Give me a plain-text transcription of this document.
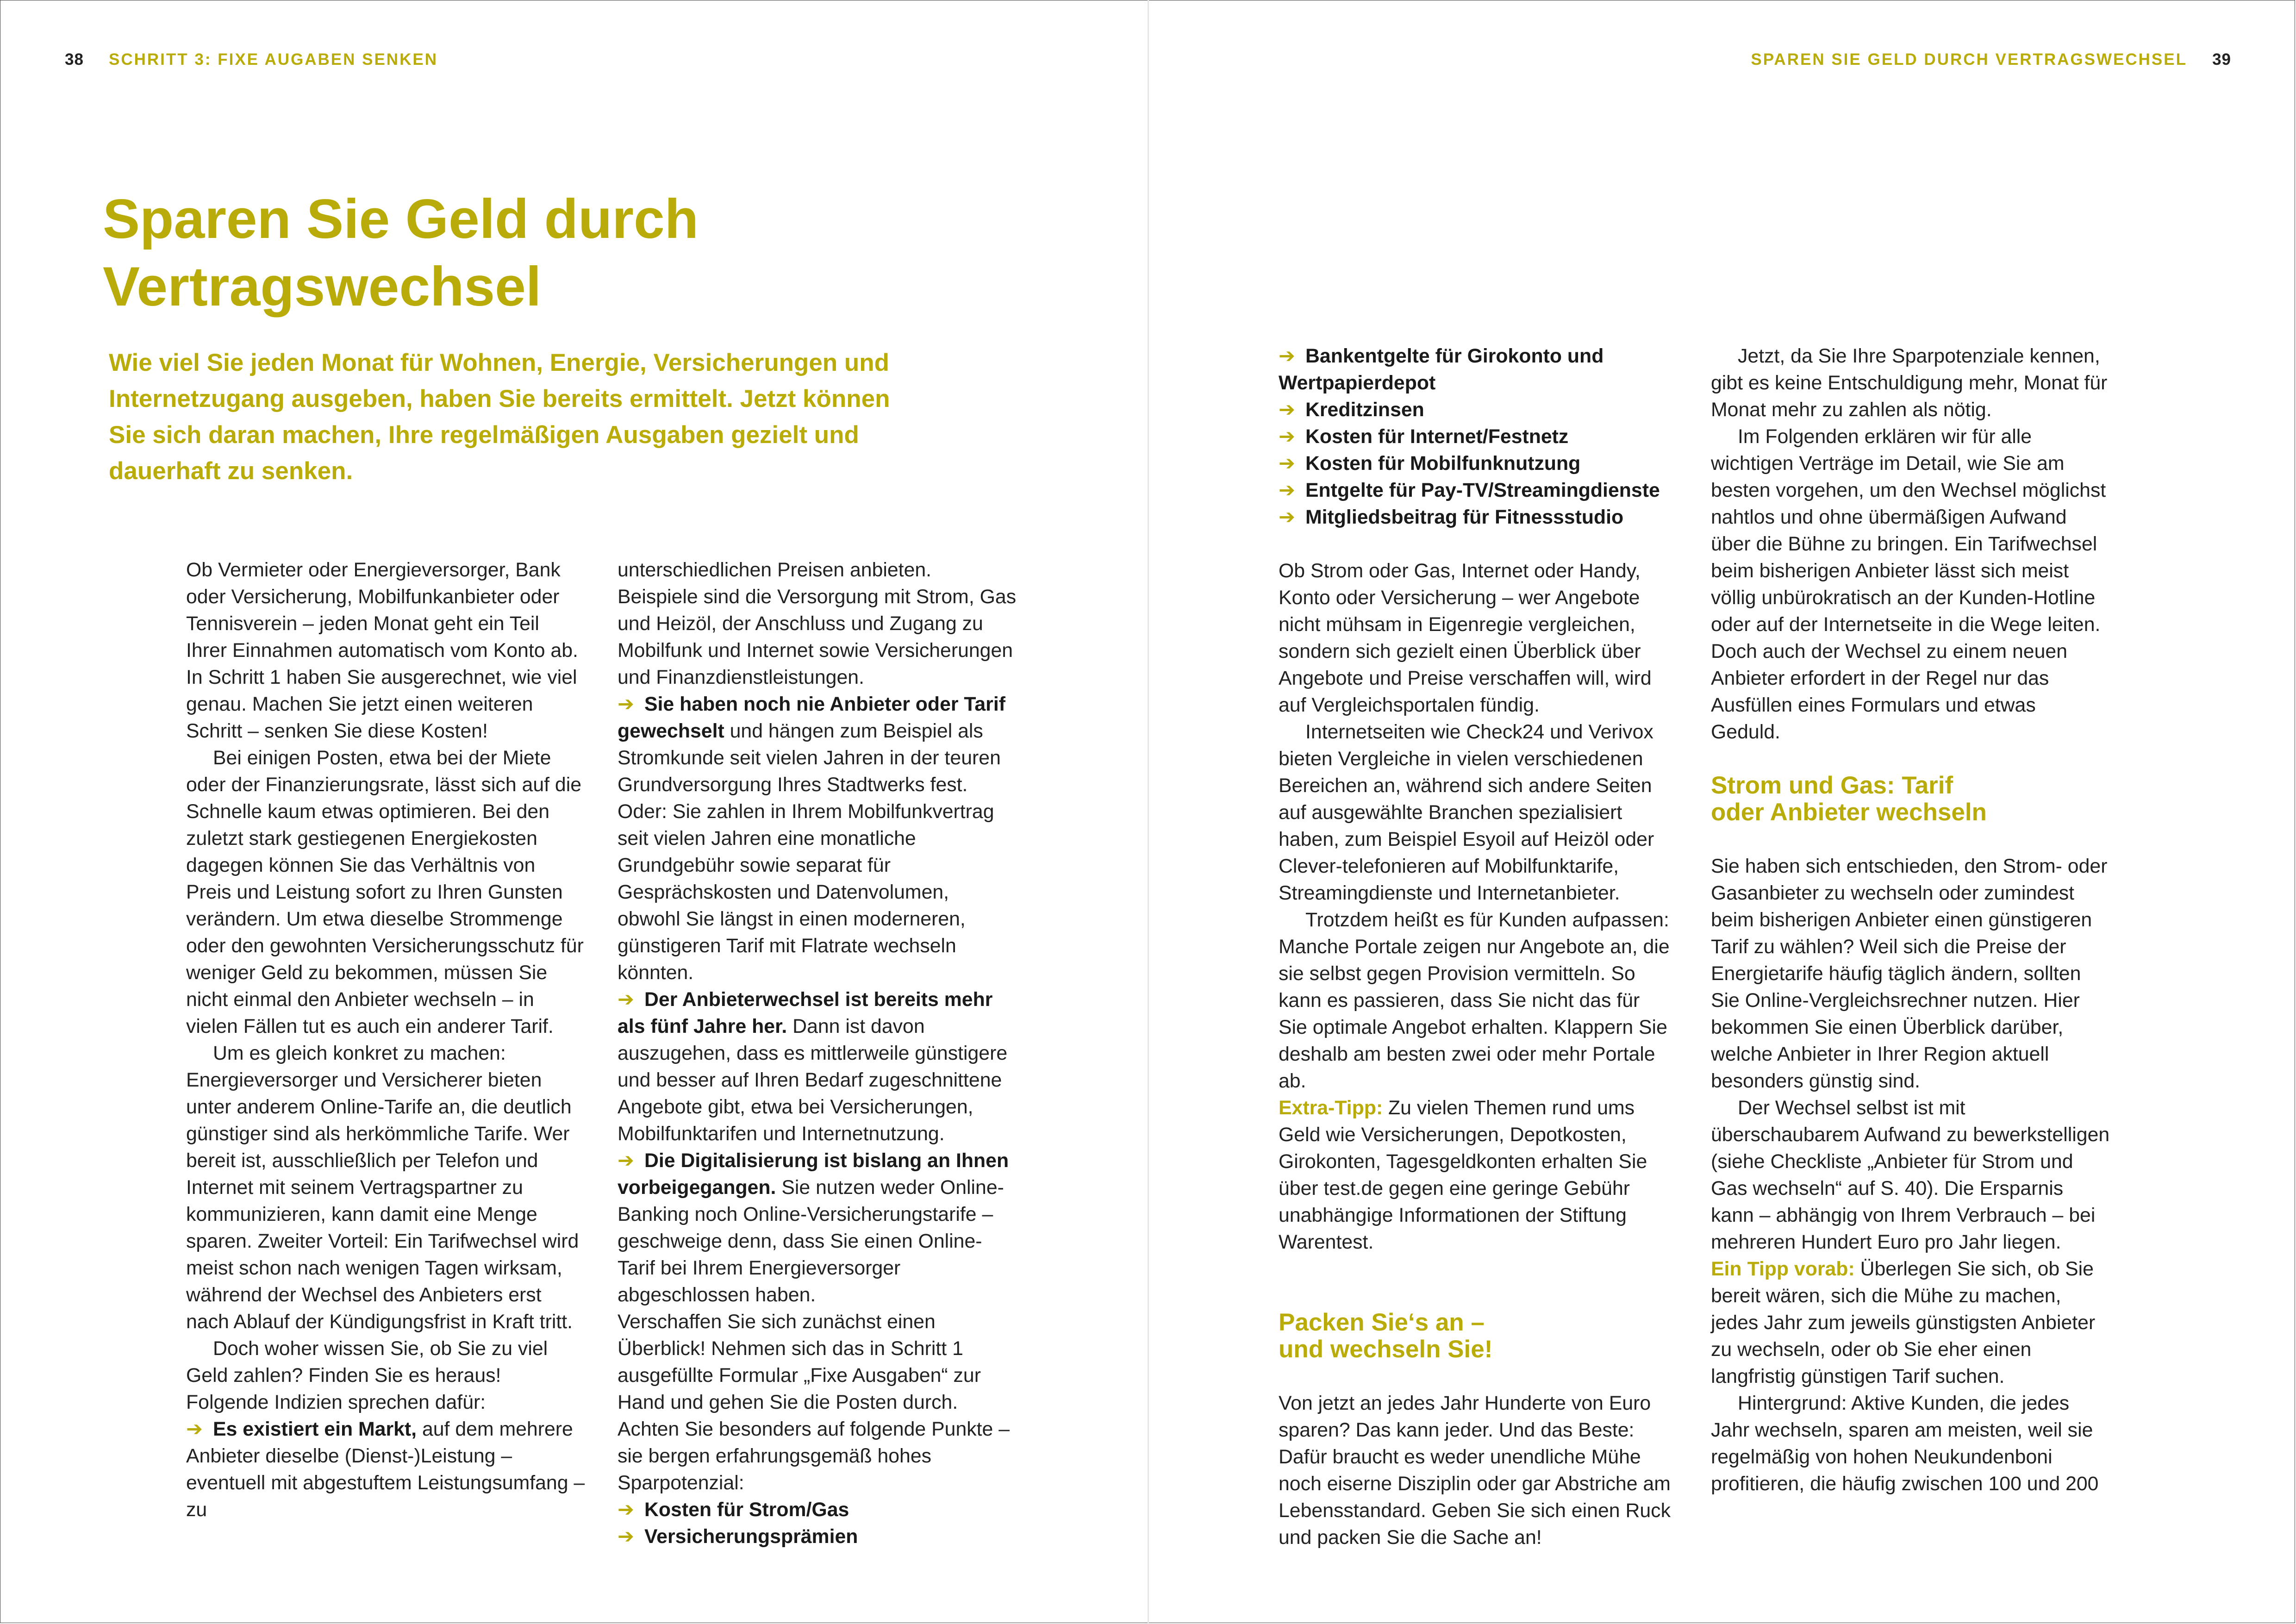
38 SCHRITT 3: FIXE AUGABEN SENKEN	SPAREN SIE GELD DURCH VERTRAGSWECHSEL 39
Sparen Sie Geld durch
Vertragswechsel

Wie viel Sie jeden Monat für Wohnen, Energie, Versicherungen und Internetzugang ausgeben, haben Sie bereits ermittelt. Jetzt können Sie sich daran machen, Ihre regelmäßigen Ausgaben gezielt und dauerhaft zu senken.

Ob Vermieter oder Energieversorger, Bank oder Versicherung, Mobilfunkanbieter oder Tennisverein – jeden Monat geht ein Teil Ihrer Einnahmen automatisch vom Konto ab. In Schritt 1 haben Sie ausgerechnet, wie viel genau. Machen Sie jetzt einen weiteren Schritt – senken Sie diese Kosten!

Bei einigen Posten, etwa bei der Miete oder der Finanzierungsrate, lässt sich auf die Schnelle kaum etwas optimieren. Bei den zuletzt stark gestiegenen Energiekosten dagegen können Sie das Verhältnis von Preis und Leistung sofort zu Ihren Gunsten verändern. Um etwa dieselbe Strommenge oder den gewohnten Versicherungsschutz für weniger Geld zu bekommen, müssen Sie nicht einmal den Anbieter wechseln – in vielen Fällen tut es auch ein anderer Tarif.

Um es gleich konkret zu machen: Energieversorger und Versicherer bieten unter anderem Online-Tarife an, die deutlich günstiger sind als herkömmliche Tarife. Wer bereit ist, ausschließlich per Telefon und Internet mit seinem Vertragspartner zu kommunizieren, kann damit eine Menge sparen. Zweiter Vorteil: Ein Tarifwechsel wird meist schon nach wenigen Tagen wirksam, während der Wechsel des Anbieters erst nach Ablauf der Kündigungsfrist in Kraft tritt.

Doch woher wissen Sie, ob Sie zu viel Geld zahlen? Finden Sie es heraus! Folgende Indizien sprechen dafür:

➔ Es existiert ein Markt, auf dem mehrere Anbieter dieselbe (Dienst-)Leistung – eventuell mit abgestuftem Leistungsumfang – zu

unterschiedlichen Preisen anbieten. Beispiele sind die Versorgung mit Strom, Gas und Heizöl, der Anschluss und Zugang zu Mobilfunk und Internet sowie Versicherungen und Finanzdienstleistungen.

➔ Sie haben noch nie Anbieter oder Tarif gewechselt und hängen zum Beispiel als Stromkunde seit vielen Jahren in der teuren Grundversorgung Ihres Stadtwerks fest. Oder: Sie zahlen in Ihrem Mobilfunkvertrag seit vielen Jahren eine monatliche Grundgebühr sowie separat für Gesprächskosten und Datenvolumen, obwohl Sie längst in einen moderneren, günstigeren Tarif mit Flatrate wechseln könnten.

➔ Der Anbieterwechsel ist bereits mehr als fünf Jahre her. Dann ist davon auszugehen, dass es mittlerweile günstigere und besser auf Ihren Bedarf zugeschnittene Angebote gibt, etwa bei Versicherungen, Mobilfunktarifen und Internetnutzung.

➔ Die Digitalisierung ist bislang an Ihnen vorbeigegangen. Sie nutzen weder Online-Banking noch Online-Versicherungstarife – geschweige denn, dass Sie einen Online-Tarif bei Ihrem Energieversorger abgeschlossen haben.

Verschaffen Sie sich zunächst einen Überblick! Nehmen sich das in Schritt 1 ausgefüllte Formular „Fixe Ausgaben“ zur Hand und gehen Sie die Posten durch. Achten Sie besonders auf folgende Punkte – sie bergen erfahrungsgemäß hohes Sparpotenzial:

➔ Kosten für Strom/Gas
➔ Versicherungsprämien
➔ Bankentgelte für Girokonto und Wertpapierdepot
➔ Kreditzinsen
➔ Kosten für Internet/Festnetz
➔ Kosten für Mobilfunknutzung
➔ Entgelte für Pay-TV/Streamingdienste
➔ Mitgliedsbeitrag für Fitnessstudio

Ob Strom oder Gas, Internet oder Handy, Konto oder Versicherung – wer Angebote nicht mühsam in Eigenregie vergleichen, sondern sich gezielt einen Überblick über Angebote und Preise verschaffen will, wird auf Vergleichsportalen fündig.

Internetseiten wie Check24 und Verivox bieten Vergleiche in vielen verschiedenen Bereichen an, während sich andere Seiten auf ausgewählte Branchen spezialisiert haben, zum Beispiel Esyoil auf Heizöl oder Clever-telefonieren auf Mobilfunktarife, Streamingdienste und Internetanbieter.

Trotzdem heißt es für Kunden aufpassen: Manche Portale zeigen nur Angebote an, die sie selbst gegen Provision vermitteln. So kann es passieren, dass Sie nicht das für Sie optimale Angebot erhalten. Klappern Sie deshalb am besten zwei oder mehr Portale ab.

Extra-Tipp: Zu vielen Themen rund ums Geld wie Versicherungen, Depotkosten, Girokonten, Tagesgeldkonten erhalten Sie über test.de gegen eine geringe Gebühr unabhängige Informationen der Stiftung Warentest.

Packen Sie‘s an –
und wechseln Sie!

Von jetzt an jedes Jahr Hunderte von Euro sparen? Das kann jeder. Und das Beste: Dafür braucht es weder unendliche Mühe noch eiserne Disziplin oder gar Abstriche am Lebensstandard. Geben Sie sich einen Ruck und packen Sie die Sache an!

Jetzt, da Sie Ihre Sparpotenziale kennen, gibt es keine Entschuldigung mehr, Monat für Monat mehr zu zahlen als nötig.

Im Folgenden erklären wir für alle wichtigen Verträge im Detail, wie Sie am besten vorgehen, um den Wechsel möglichst nahtlos und ohne übermäßigen Aufwand über die Bühne zu bringen. Ein Tarifwechsel beim bisherigen Anbieter lässt sich meist völlig unbürokratisch an der Kunden-Hotline oder auf der Internetseite in die Wege leiten. Doch auch der Wechsel zu einem neuen Anbieter erfordert in der Regel nur das Ausfüllen eines Formulars und etwas Geduld.

Strom und Gas: Tarif
oder Anbieter wechseln

Sie haben sich entschieden, den Strom- oder Gasanbieter zu wechseln oder zumindest beim bisherigen Anbieter einen günstigeren Tarif zu wählen? Weil sich die Preise der Energietarife häufig täglich ändern, sollten Sie Online-Vergleichsrechner nutzen. Hier bekommen Sie einen Überblick darüber, welche Anbieter in Ihrer Region aktuell besonders günstig sind.

Der Wechsel selbst ist mit überschaubarem Aufwand zu bewerkstelligen (siehe Checkliste „Anbieter für Strom und Gas wechseln“ auf S. 40). Die Ersparnis kann – abhängig von Ihrem Verbrauch – bei mehreren Hundert Euro pro Jahr liegen.

Ein Tipp vorab: Überlegen Sie sich, ob Sie bereit wären, sich die Mühe zu machen, jedes Jahr zum jeweils günstigsten Anbieter zu wechseln, oder ob Sie eher einen langfristig günstigen Tarif suchen.

Hintergrund: Aktive Kunden, die jedes Jahr wechseln, sparen am meisten, weil sie regelmäßig von hohen Neukundenboni profitieren, die häufig zwischen 100 und 200
